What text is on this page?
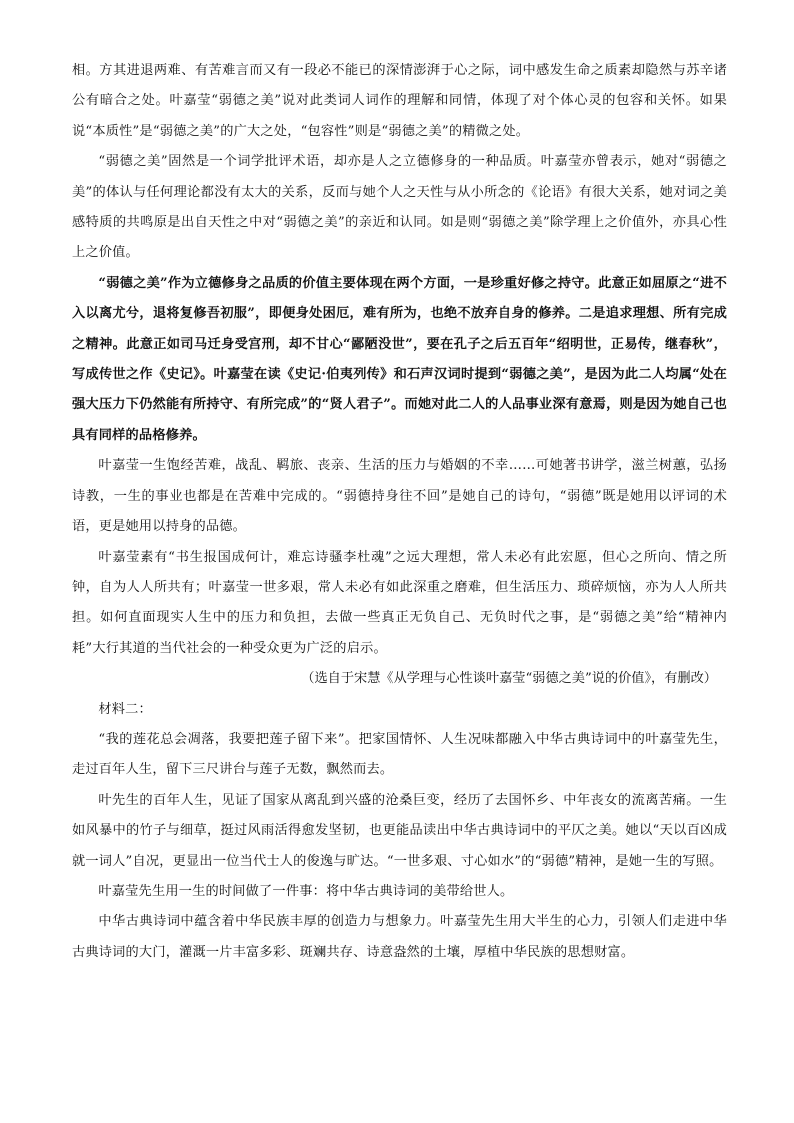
相。方其进退两难、有苦难言而又有一段必不能已的深情澎湃于心之际，词中感发生命之质素却隐然与苏辛诸公有暗合之处。叶嘉莹“弱德之美”说对此类词人词作的理解和同情，体现了对个体心灵的包容和关怀。如果说“本质性”是“弱德之美”的广大之处，“包容性”则是“弱德之美”的精微之处。

“弱德之美”固然是一个词学批评术语，却亦是人之立德修身的一种品质。叶嘉莹亦曾表示，她对“弱德之美”的体认与任何理论都没有太大的关系，反而与她个人之天性与从小所念的《论语》有很大关系，她对词之美感特质的共鸣原是出自天性之中对“弱德之美”的亲近和认同。如是则“弱德之美”除学理上之价值外，亦具心性上之价值。

“弱德之美”作为立德修身之品质的价值主要体现在两个方面，一是珍重好修之持守。此意正如屈原之“进不入以离尤兮，退将复修吾初服”，即便身处困厄，难有所为，也绝不放弃自身的修养。二是追求理想、所有完成之精神。此意正如司马迁身受宫刑，却不甘心“鄙陋没世”，要在孔子之后五百年“绍明世，正易传，继春秋”，写成传世之作《史记》。叶嘉莹在读《史记·伯夷列传》和石声汉词时提到“弱德之美”，是因为此二人均属“处在强大压力下仍然能有所持守、有所完成”的“贤人君子”。而她对此二人的人品事业深有意焉，则是因为她自己也具有同样的品格修养。

叶嘉莹一生饱经苦难，战乱、羁旅、丧亲、生活的压力与婚姻的不幸……可她著书讲学，滋兰树蕙，弘扬诗教，一生的事业也都是在苦难中完成的。“弱德持身往不回”是她自己的诗句，“弱德”既是她用以评词的术语，更是她用以持身的品德。

叶嘉莹素有“书生报国成何计，难忘诗骚李杜魂”之远大理想，常人未必有此宏愿，但心之所向、情之所钟，自为人人所共有；叶嘉莹一世多艰，常人未必有如此深重之磨难，但生活压力、琐碎烦恼，亦为人人所共担。如何直面现实人生中的压力和负担，去做一些真正无负自己、无负时代之事，是“弱德之美”给“精神内耗”大行其道的当代社会的一种受众更为广泛的启示。

（选自于宋慧《从学理与心性谈叶嘉莹“弱德之美”说的价值》，有删改）

材料二：

“我的莲花总会凋落，我要把莲子留下来”。把家国情怀、人生况味都融入中华古典诗词中的叶嘉莹先生，走过百年人生，留下三尺讲台与莲子无数，飘然而去。

叶先生的百年人生，见证了国家从离乱到兴盛的沧桑巨变，经历了去国怀乡、中年丧女的流离苦痛。一生如风暴中的竹子与细草，挺过风雨活得愈发坚韧，也更能品读出中华古典诗词中的平仄之美。她以“天以百凶成就一词人”自况，更显出一位当代士人的俊逸与旷达。“一世多艰、寸心如水”的“弱德”精神，是她一生的写照。

叶嘉莹先生用一生的时间做了一件事：将中华古典诗词的美带给世人。

中华古典诗词中蕴含着中华民族丰厚的创造力与想象力。叶嘉莹先生用大半生的心力，引领人们走进中华古典诗词的大门，灌溉一片丰富多彩、斑斓共存、诗意盎然的土壤，厚植中华民族的思想财富。
